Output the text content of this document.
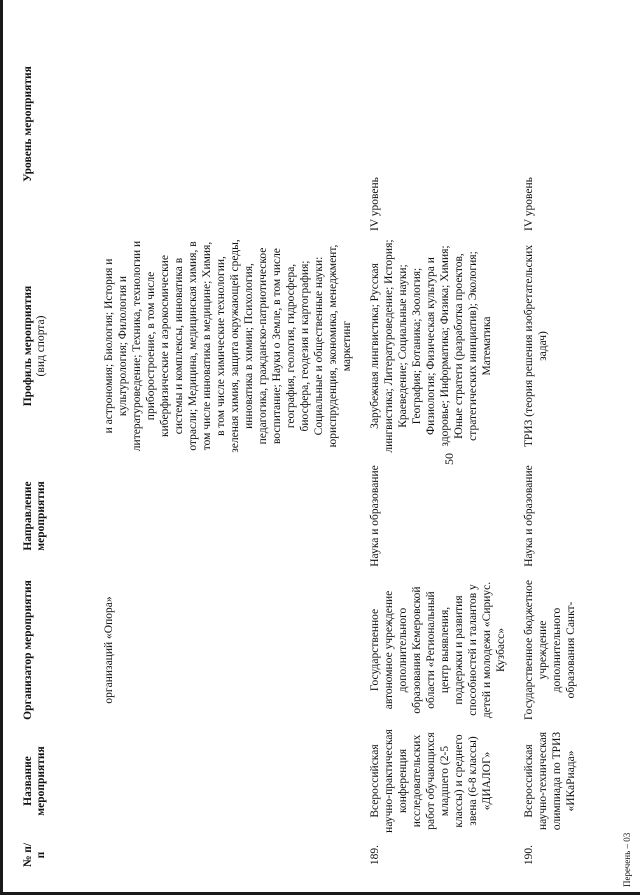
50
№ п/п	Название мероприятия	Организатор мероприятия	Направление мероприятия	Профиль мероприятия (вид спорта)	Уровень мероприятия
		организаций «Опора»		и астрономия; Биология; История и культурология; Филология и литературоведение; Техника, технологии и приборостроение, в том числе киберфизические и аэрокосмические системы и комплексы, инноватика в отрасли; Медицина, медицинская химия, в том числе инноватика в медицине; Химия, в том числе химические технологии, зеленая химия, защита окружающей среды, инноватика в химии; Психология, педагогика, гражданско-патриотическое воспитание; Науки о Земле, в том числе география, геология, гидросфера, биосфера, геодезия и картография; Социальные и общественные науки: юриспруденция, экономика, менеджмент, маркетинг	

189.	Всероссийская научно-практическая конференция исследовательских работ обучающихся младшего (2-5 классы) и среднего звена (6-8 классы) «ДИАЛОГ»	Государственное автономное учреждение дополнительного образования Кемеровской области «Региональный центр выявления, поддержки и развития способностей и талантов у детей и молодежи «Сириус. Кузбасс»	Наука и образование	Зарубежная лингвистика; Русская лингвистика; Литературоведение; История; Краеведение; Социальные науки; География; Ботаника; Зоология; Физиология; Физическая культура и здоровье; Информатика; Физика; Химия; Юные стратеги (разработка проектов, стратегических инициатив); Экология; Математика	IV уровень

190.	Всероссийская научно-техническая олимпиада по ТРИЗ «ИКаРиада»	Государственное бюджетное учреждение дополнительного образования Санкт-	Наука и образование	ТРИЗ (теория решения изобретательских задач)	IV уровень
Перечень – 03
